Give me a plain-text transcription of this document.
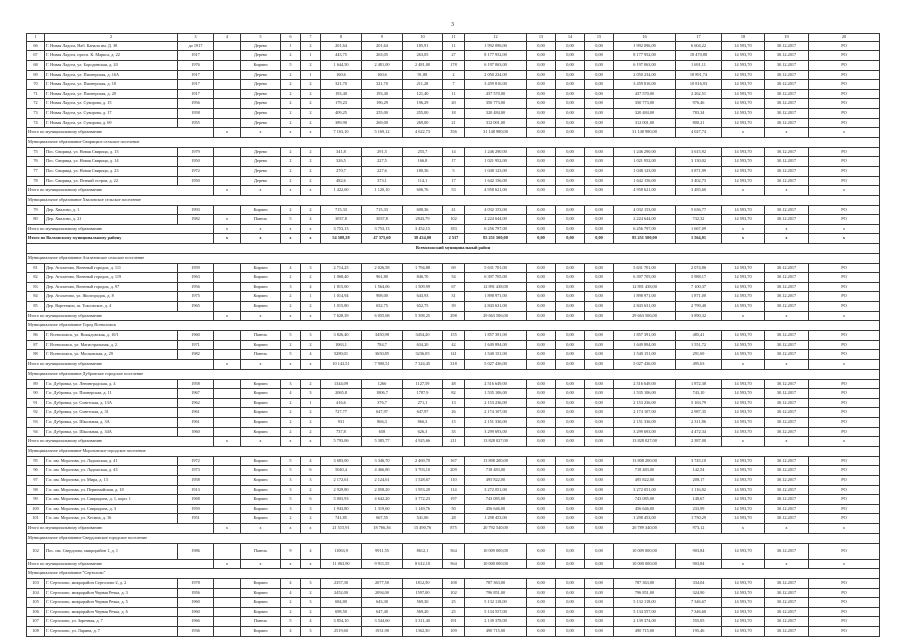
3
1	2	3	4	5	6	7	8	9	10	11	12	13	14	15	16	17	18	19	20
66	Г. Новая Ладога, Наб. Канала им. Д. 38	до 1917		Дерево	1	2	201,64	201,64	185,91	11	1 992 096,00	0,00	0,00	0,00	1 992 096,00	6 604,22	14 593,70	30.12.2017	РО
67	Г. Новая Ладога, просп. К. Маркса, д. 22	1917		Дерево	2	1	443,75	263,05	263,05	27	8 177 952,00	0,00	0,00	0,00	8 177 952,00	18 470,88	14 593,70	30.12.2017	РО
68	Г. Новая Ладога, ул. Бородинская, д. 20	1976		Кирпич	5	2	1 644,50	2 481,00	2 481,00	178	6 197 063,00	0,00	0,00	0,00	6 197 063,00	1 691,11	14 593,70	30.12.2017	РО
69	Г. Новая Ладога, ул. Пионерская, д. 16А	1917		Дерево	2	1	160,6	160,6	91,88	2	2 050 234,00	0,00	0,00	0,00	2 050 234,00	18 891,74	14 593,70	30.12.2017	РО
70	Г. Новая Ладога, ул. Пионерская, д. 18	1917		Дерево	2	2	321,70	321,70	211,28	7	3 459 816,00	0,00	0,00	0,00	3 459 816,00	10 816,93	14 593,70	30.12.2017	РО
71	Г. Новая Ладога, ул. Пионерская, д. 20	1917		Дерево	2	2	193,40	193,40	121,40	11	437 570,00	0,00	0,00	0,00	437 570,00	2 262,51	14 593,70	30.12.2017	РО
72	Г. Новая Ладога, ул. Суворова, д. 15	1956		Дерево	2	2	179,23	196,29	196,29	20	350 773,00	0,00	0,00	0,00	350 773,00	976,46	14 593,70	30.12.2017	РО
73	Г. Новая Ладога, ул. Суворова, д. 17	1958		Дерево	2	2	409,25	255,00	255,00	18	320 484,00	0,00	0,00	0,00	320 484,00	783,34	14 593,70	30.12.2017	РО
74	Г. Новая Ладога, ул. Суворова, д. 69	1955		Дерево	2	2	389,90	269,00	269,00	21	312 001,00	0,00	0,00	0,00	312 001,00	800,21	14 593,70	30.12.2017	РО
Итого по муниципальному образованию			x	x	x	x	7 163,10	5 169,12	4 622,73	356	31 148 980,00	0,00	0,00	0,00	31 148 980,00	4 027,74	x	x	x
Муниципальное образование Свирицкое сельское поселение																			
75	Пос. Свирица, ул. Новая Свирица, д. 13	1979		Дерево	2	2	341,8	291,5	255,7	14	1 246 290,00	0,00	0,00	0,00	1 246 290,00	3 615,92	14 593,70	30.12.2017	РО
76	Пос. Свирица, ул. Новая Свирица, д. 14	1950		Дерево	2	2	326,5	227,5	166,8	17	1 021 952,00	0,00	0,00	0,00	1 021 952,00	3 130,02	14 593,70	30.12.2017	РО
77	Пос. Свирица, ул. Новая Свирица, д. 23	1972		Дерево	2	2	270,7	227,6	180,36	5	1 048 123,00	0,00	0,00	0,00	1 048 123,00	3 871,99	14 593,70	30.12.2017	РО
78	Пос. Свирица, ул. Птичий остров, д. 22	1950		Дерево	2	2	482,6	373,1	114,1	17	1 642 156,00	0,00	0,00	0,00	1 642 156,00	3 402,73	14 593,70	30.12.2017	РО
Итого по муниципальному образованию			x	x	x	x	1 422,60	1 120,10	606,76	53	4 958 621,00	0,00	0,00	0,00	4 958 621,00	3 485,60	x	x	x
Муниципальное образование Хваловское сельское поселение																			
79	Дер. Хвалово, д. 1	1993		Кирпич	2	2	715,33	715,33	608,36	41	4 032 153,00	0,00	0,00	0,00	4 032 153,00	5 636,77	14 593,70	30.12.2017	РО
80	Дер. Хвалово, д. 21	1982	х	Панель	5	4	3037,8	3037,8	2843,79	102	2 224 644,00	0,00	0,00	0,00	2 224 644,00	732,32	14 593,70	30.12.2017	РО
Итого по муниципальному образованию			x	x	x	x	3 753,13	3 753,13	3 452,15	183	6 256 797,00	0,00	0,00	0,00	6 256 797,00	1 667,09	x	x	x
Итого по Волховскому муниципальному району			x	x	x	x	54 508,28	47 375,60	38 434,00	2 537	85 251 500,00	0,00	0,00	0,00	85 251 500,00	1 564,01	x	x	x
Всеволожский муниципальный район																			
Муниципальное образование Агалатовское сельское поселение																			
81	Дер. Агалатово, Военный городок, д. 111	1959		Кирпич	4	3	2 714,25	2 026,58	1 794,88	69	5 631 701,00	0,00	0,00	0,00	5 631 701,00	2 074,86	14 593,70	30.12.2017	РО
82	Дер. Агалатово, Военный городок, д. 119	1963		Кирпич	2	2	1 068,40	961,80	846,70	54	6 397 705,00	0,00	0,00	0,00	6 397 705,00	5 988,17	14 593,70	30.12.2017	РО
83	Дер. Агалатово, Военный городок, д. 97	1956		Кирпич	3	4	1 815,00	1 564,06	1 509,99	67	12 891 438,00	0,00	0,00	0,00	12 891 438,00	7 100,37	14 593,70	30.12.2017	РО
84	Дер. Агалатово, ул. Жилгородок, д. 8	1975		Кирпич	2	1	1 014,94	908,00	643,93	31	1 898 971,00	0,00	0,00	0,00	1 898 971,00	1 871,00	14 593,70	30.12.2017	РО
85	Дер. Вартемяги, ш. Токсовское, д. 4	1965		Кирпич	2	2	1 015,80	652,75	652,75	39	2 843 631,00	0,00	0,00	0,00	2 843 631,00	2 799,40	14 593,70	30.12.2017	РО
Итого по муниципальному образованию			x	x	x	x	7 628,39	6 055,68	5 398,25	298	29 663 506,00	0,00	0,00	0,00	29 663 506,00	3 890,32	x	x	x
Муниципальное образование Город Всеволожск																			
86	Г. Всеволожск, ул. Вокыдовская, д. 10/1	1960		Панель	5	3	3 826,40	3450,98	3454,20	155	1 857 391,00	0,00	0,00	0,00	1 857 391,00	485,41	14 593,70	30.12.2017	РО
87	Г. Всеволожск, ул. Магистральная, д. 2	1971		Кирпич	2	2	1063,1	784,7	634,20	42	1 649 894,00	0,00	0,00	0,00	1 649 894,00	1 551,72	14 593,70	30.12.2017	РО
88	Г. Всеволожск, ул. Московская, д. 29	1982		Панель	5	4	5280,01	3650,85	3236,05	141	1 540 151,00	0,00	0,00	0,00	1 540 151,00	291,69	14 593,70	30.12.2017	РО
Итого по муниципальному образованию			x	x	x	x	10 142,51	7 900,51	7 324,45	318	5 027 436,00	0,00	0,00	0,00	5 027 436,00	495,63	x	x	x
Муниципальное образование Дубровское городское поселение																			
89	Г.п. Дубровка, ул. Ленинградская, д. 4	1958		Кирпич	3	2	1344,09	1266	1127,59	48	2 516 649,00	0,00	0,00	0,00	2 516 649,00	1 872,38	14 593,70	30.12.2017	РО
90	Г.п. Дубровка, ул. Пионерская, д. 11	1967		Кирпич	4	3	2065,8	1806,7	1787,9	82	1 535 106,00	0,00	0,00	0,00	1 535 106,00	743,10	14 593,70	30.12.2017	РО
91	Г.п. Дубровка, ул. Советская, д. 13А	1962		Кирпич	2	1	416,6	376,7	271,1	13	2 153 236,00	0,00	0,00	0,00	2 153 236,00	5 163,79	14 593,70	30.12.2017	РО
92	Г.п. Дубровка, ул. Советская, д. 31	1961		Кирпич	2	2	727,77	647,97	647,97	26	2 174 107,00	0,00	0,00	0,00	2 174 107,00	2 987,35	14 593,70	30.12.2017	РО
93	Г.п. Дубровка, ул. Школьная, д. 3А	1961		Кирпич	2	2	931	866,3	866,3	15	2 151 336,00	0,00	0,00	0,00	2 151 336,00	2 311,86	14 593,70	30.12.2017	РО
94	Г.п. Дубровка, ул. Школьная, д. 34А	1960		Кирпич	2	2	737,8	658	626,3	35	3 299 693,00	0,00	0,00	0,00	3 299 693,00	4 472,34	14 593,70	30.12.2017	РО
Итого по муниципальному образованию			x	x	x	x	5 793,06	5 385,77	4 925,66	211	13 828 027,00	0,00	0,00	0,00	13 828 027,00	2 387,00	x	x	x
Муниципальное образование Морозовское городское поселение																			
95	Г.п. им. Морозова, ул. Ладожская, д. 41	1972		Кирпич	5	4	3 683,00	3 346,70	2 469,70	167	13 808 200,00	0,00	0,00	0,00	13 808 200,00	3 745,10	14 593,70	30.12.2017	РО
96	Г.п. им. Морозова, ул. Ладожская, д. 43	1973		Кирпич	5	6	5040,4	4 466,80	3 703,10	209	718 483,00	0,00	0,00	0,00	718 483,00	142,54	14 593,70	30.12.2017	РО
97	Г.п. им. Морозова, ул. Мира, д. 13	1958		Кирпич	3	3	2 172,61	2 124,61	1 528,67	110	495 822,00	0,00	0,00	0,00	495 822,00	208,17	14 593,70	30.12.2017	РО
98	Г.п. им. Морозова, ул. Первомайская, д. 18	1913		Кирпич	3	2	2 929,80	2 058,20	1 953,20	114	3 272 051,00	0,00	0,00	0,00	3 272 051,00	1 116,82	14 593,70	30.12.2017	РО
99	Г.п. им. Морозова, ул. Спиридона, д. 1, корп. 1	1968		Кирпич	5	6	5 003,93	4 642,20	3 772,23	197	743 085,00	0,00	0,00	0,00	743 085,00	148,67	14 593,70	30.12.2017	РО
100	Г.п. им. Морозова, ул. Спиридона, д. 3	1959		Кирпич	3	3	1 943,80	1 319,60	1 149,76	50	456 646,00	0,00	0,00	0,00	456 646,00	233,99	14 593,70	30.12.2017	РО
101	Г.п. им. Морозова, ул. Хесина, д. 16	1951		Кирпич	2	2	741,85	667,55	541,06	28	1 298 453,00	0,00	0,00	0,00	1 298 453,00	1 750,29	14 593,70	30.12.2017	РО
Итого по муниципальному образованию			x	x	x	x	21 515,91	18 766,36	15 490,76	875	20 792 540,00	0,00	0,00	0,00	20 789 340,00	973,12	x	x	x
Муниципальное образование Свердловское городское поселение																			
102	Пос. им. Свердлова, микрорайон 1, д. 1	1986		Панель	9	4	11063,9	9911,55	8612,1	564	10 009 000,00	0,00	0,00	0,00	10 009 000,00	903,84	14 593,70	30.12.2017	РО
Итого по муниципальному образованию			x	x	x	x	11 063,90	9 911,55	8 612,10	564	10 000 000,00	0,00	0,00	0,00	10 000 000,00	903,84	x	x	x
Муниципальное образование "Сертолово"																			
103	Г. Сертолово, микрорайон Сертолово-2, д. 2	1978		Кирпич	4	3	2357,30	2077,50	1812,50	108	787 363,00	0,00	0,00	0,00	787 363,00	334,04	14 593,70	30.12.2017	РО
104	Г. Сертолово, микрорайон Черная Речка, д. 3	1956		Кирпич	4	2	2452,00	2094,00	1597,00	102	796 851,00	0,00	0,00	0,00	796 851,00	324,90	14 593,70	30.12.2017	РО
105	Г. Сертолово, микрорайон Черная Речка, д. 5	1960		Кирпич	2	3	684,80	643,30	569,30	25	5 132 118,00	0,00	0,00	0,00	5 132 118,00	7 346,67	14 593,70	30.12.2017	РО
106	Г. Сертолово, микрорайон Черная Речка, д. 6	1960		Кирпич	2	2	698,50	647,40	569,20	25	5 134 557,00	0,00	0,00	0,00	5 134 557,00	7 346,60	14 593,70	30.12.2017	РО
107	Г. Сертолово, ул. Заречная, д. 7	1966		Панель	5	4	3 854,10	3 544,60	3 311,40	191	2 139 378,00	0,00	0,00	0,00	2 139 374,00	555,05	14 593,70	30.12.2017	РО
108	Г. Сертолово, ул. Ларина, д. 7	1936		Кирпич	4	3	2519,60	1931,90	1362,30	109	490 715,00	0,00	0,00	0,00	490 715,00	195,46	14 593,70	30.12.2017	РО
